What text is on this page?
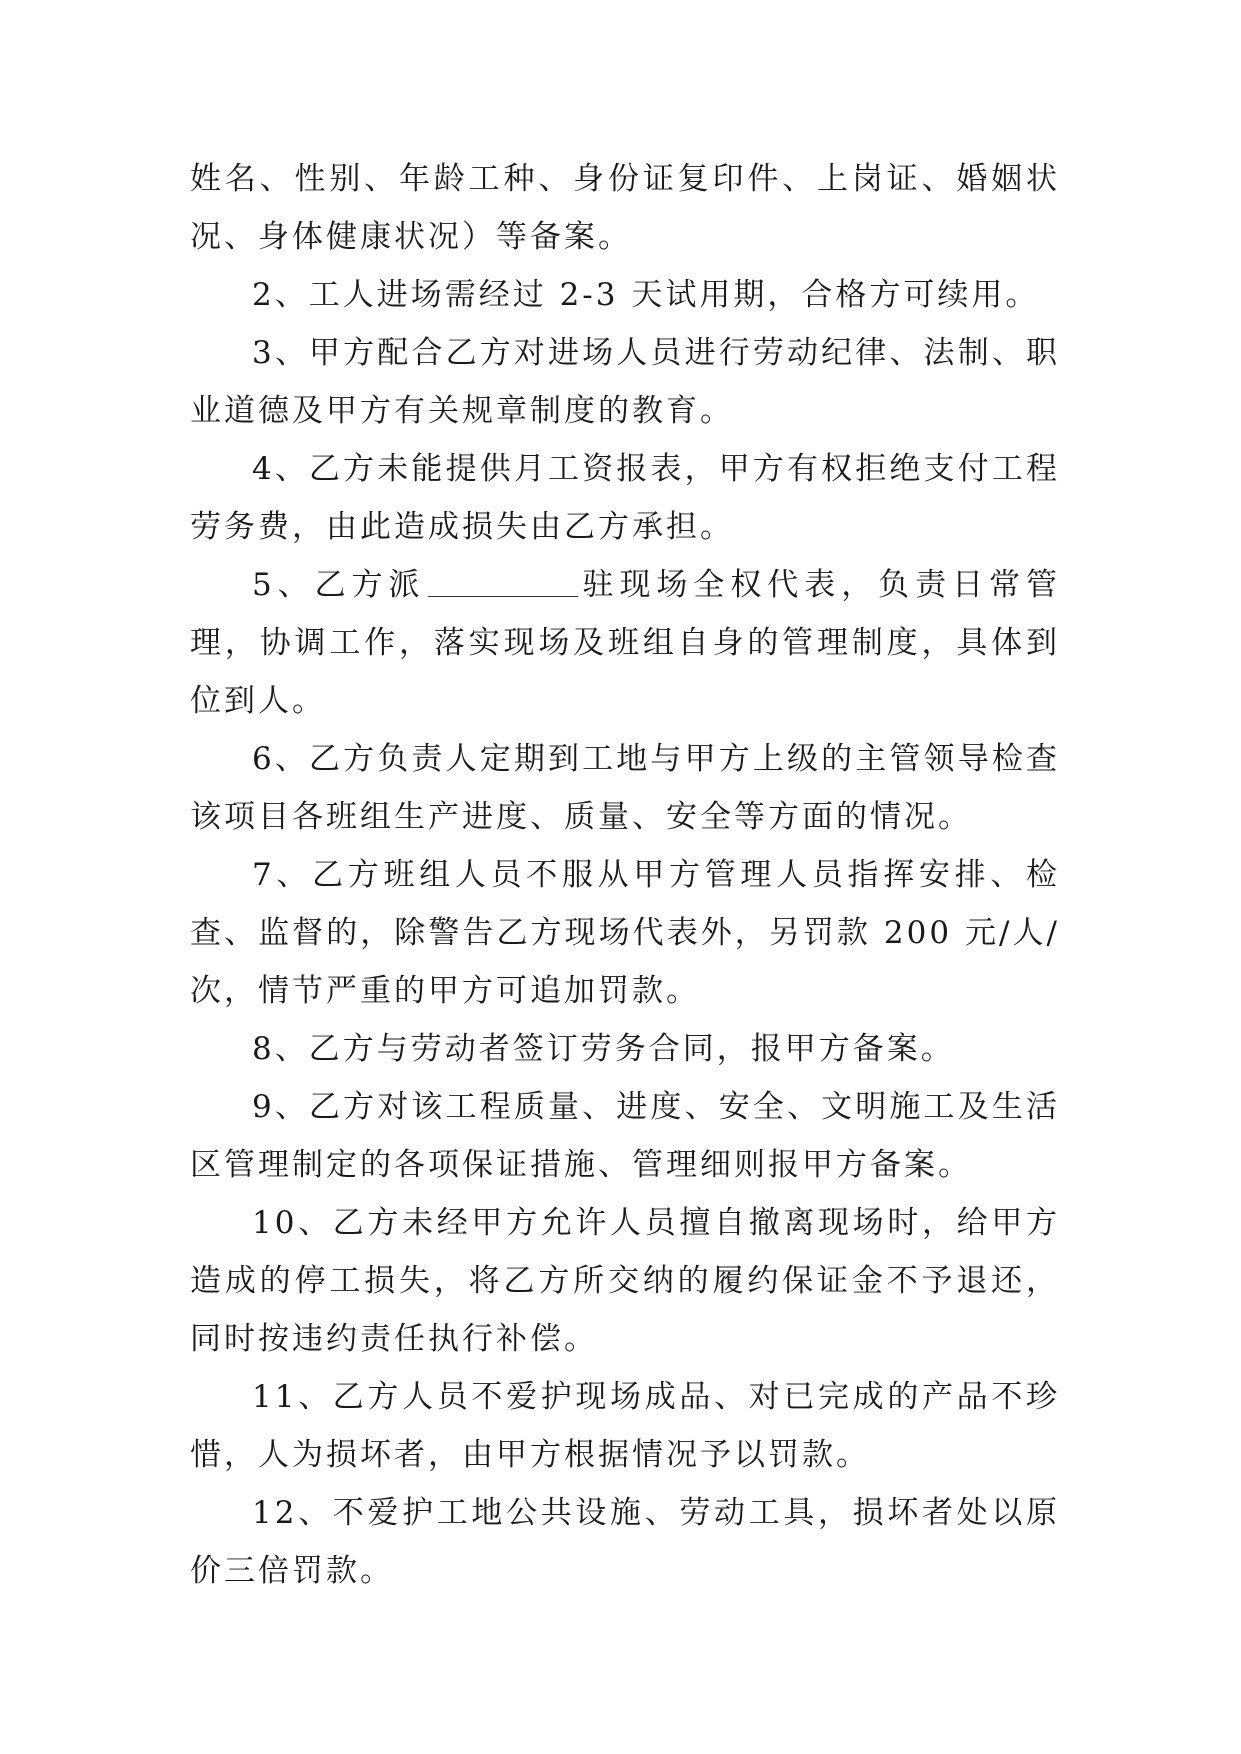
姓名、性别、年龄工种、身份证复印件、上岗证、婚姻状况、身体健康状况）等备案。

2、工人进场需经过 2-3 天试用期，合格方可续用。

3、甲方配合乙方对进场人员进行劳动纪律、法制、职业道德及甲方有关规章制度的教育。

4、乙方未能提供月工资报表，甲方有权拒绝支付工程劳务费，由此造成损失由乙方承担。

5、乙方派	驻现场全权代表，负责日常管理，协调工作，落实现场及班组自身的管理制度，具体到位到人。

6、乙方负责人定期到工地与甲方上级的主管领导检查该项目各班组生产进度、质量、安全等方面的情况。

7、乙方班组人员不服从甲方管理人员指挥安排、检查、监督的，除警告乙方现场代表外，另罚款 200 元/人/次，情节严重的甲方可追加罚款。

8、乙方与劳动者签订劳务合同，报甲方备案。

9、乙方对该工程质量、进度、安全、文明施工及生活区管理制定的各项保证措施、管理细则报甲方备案。

10、乙方未经甲方允许人员擅自撤离现场时，给甲方造成的停工损失，将乙方所交纳的履约保证金不予退还，同时按违约责任执行补偿。

11、乙方人员不爱护现场成品、对已完成的产品不珍惜，人为损坏者，由甲方根据情况予以罚款。

12、不爱护工地公共设施、劳动工具，损坏者处以原价三倍罚款。
